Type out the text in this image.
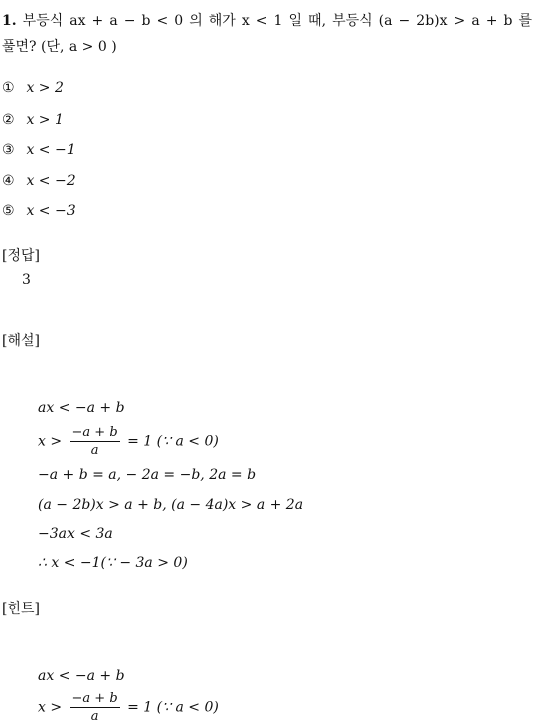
1. 부등식 ax + a − b < 0 의 해가 x < 1 일 때, 부등식 (a − 2b)x > a + b 를
풀면? (단, a > 0 )
① x > 2
② x > 1
③ x < −1
④ x < −2
⑤ x < −3
[정답]
3
[해설]
ax < −a + b
$x > \frac{-a + b}{a} = 1$ (∵ a < 0)
−a + b = a, − 2a = −b, 2a = b
(a − 2b)x > a + b, (a − 4a)x > a + 2a
−3ax < 3a
∴ x < −1(∵ − 3a > 0)
[힌트]
ax < −a + b
$x > \frac{-a + b}{a} = 1$ (∵ a < 0)
